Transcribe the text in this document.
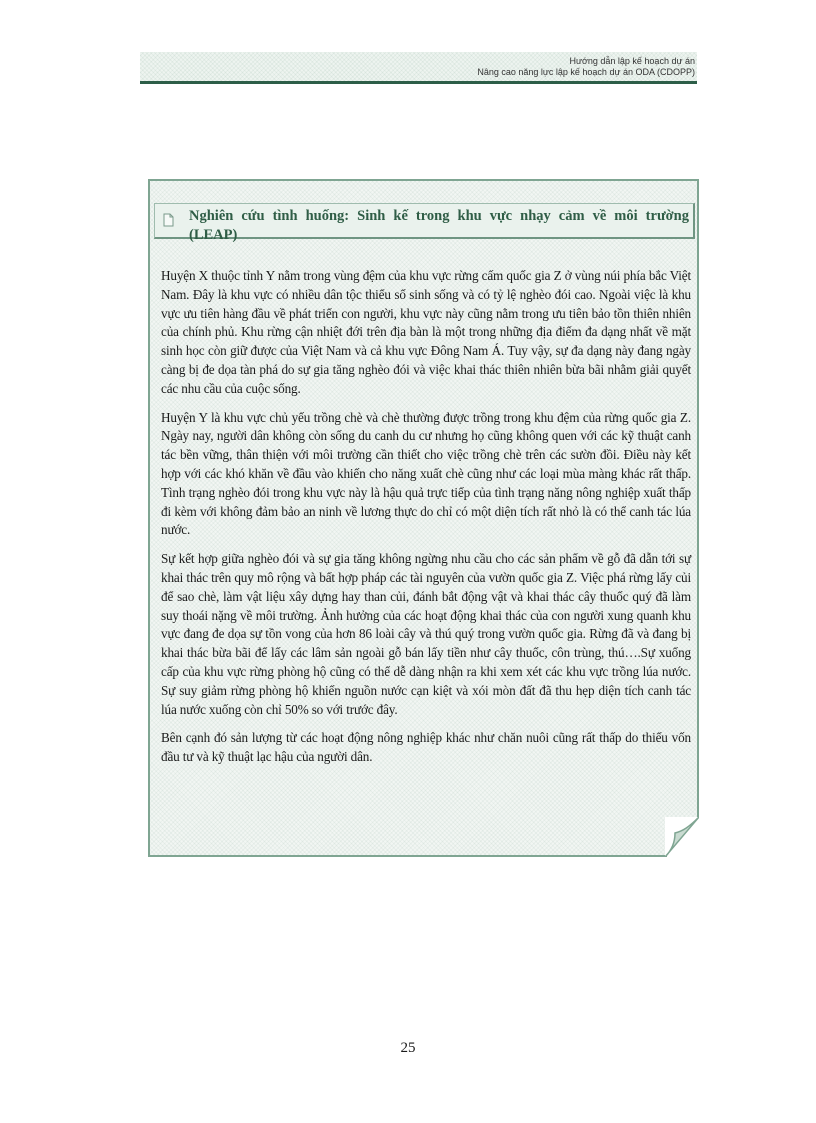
Hướng dẫn lập kế hoạch dự án
Nâng cao năng lực lập kế hoạch dự án ODA (CDOPP)
Nghiên cứu tình huống: Sinh kế trong khu vực nhạy cảm về môi trường (LEAP)

Huyện X thuộc tỉnh Y nằm trong vùng đệm của khu vực rừng cấm quốc gia Z ở vùng núi phía bắc Việt Nam. Đây là khu vực có nhiều dân tộc thiểu số sinh sống và có tỷ lệ nghèo đói cao. Ngoài việc là khu vực ưu tiên hàng đầu về phát triển con người, khu vực này cũng nằm trong ưu tiên bảo tồn thiên nhiên của chính phủ. Khu rừng cận nhiệt đới trên địa bàn là một trong những địa điểm đa dạng nhất về mặt sinh học còn giữ được của Việt Nam và cả khu vực Đông Nam Á. Tuy vậy, sự đa dạng này đang ngày càng bị đe dọa tàn phá do sự gia tăng nghèo đói và việc khai thác thiên nhiên bừa bãi nhằm giải quyết các nhu cầu của cuộc sống.

Huyện Y là khu vực chủ yếu trồng chè và chè thường được trồng trong khu đệm của rừng quốc gia Z. Ngày nay, người dân không còn sống du canh du cư nhưng họ cũng không quen với các kỹ thuật canh tác bền vững, thân thiện với môi trường cần thiết cho việc trồng chè trên các sườn đồi. Điều này kết hợp với các khó khăn về đầu vào khiến cho năng xuất chè cũng như các loại mùa màng khác rất thấp. Tình trạng nghèo đói trong khu vực này là hậu quả trực tiếp của tình trạng năng nông nghiệp xuất thấp đi kèm với không đảm bảo an ninh về lương thực do chỉ có một diện tích rất nhỏ là có thể canh tác lúa nước.

Sự kết hợp giữa nghèo đói và sự gia tăng không ngừng nhu cầu cho các sản phẩm về gỗ đã dẫn tới sự khai thác trên quy mô rộng và bất hợp pháp các tài nguyên của vườn quốc gia Z. Việc phá rừng lấy củi để sao chè, làm vật liệu xây dựng hay than củi, đánh bắt động vật và khai thác cây thuốc quý đã làm suy thoái nặng về môi trường. Ảnh hưởng của các hoạt động khai thác của con người xung quanh khu vực đang đe dọa sự tồn vong của hơn 86 loài cây và thú quý trong vườn quốc gia. Rừng đã và đang bị khai thác bừa bãi để lấy các lâm sản ngoài gỗ bán lấy tiền như cây thuốc, côn trùng, thú….Sự xuống cấp của khu vực rừng phòng hộ cũng có thể dễ dàng nhận ra khi xem xét các khu vực trồng lúa nước. Sự suy giảm rừng phòng hộ khiến nguồn nước cạn kiệt và xói mòn đất đã thu hẹp diện tích canh tác lúa nước xuống còn chỉ 50% so với trước đây.

Bên cạnh đó sản lượng từ các hoạt động nông nghiệp khác như chăn nuôi cũng rất thấp do thiếu vốn đầu tư và kỹ thuật lạc hậu của người dân.

25
